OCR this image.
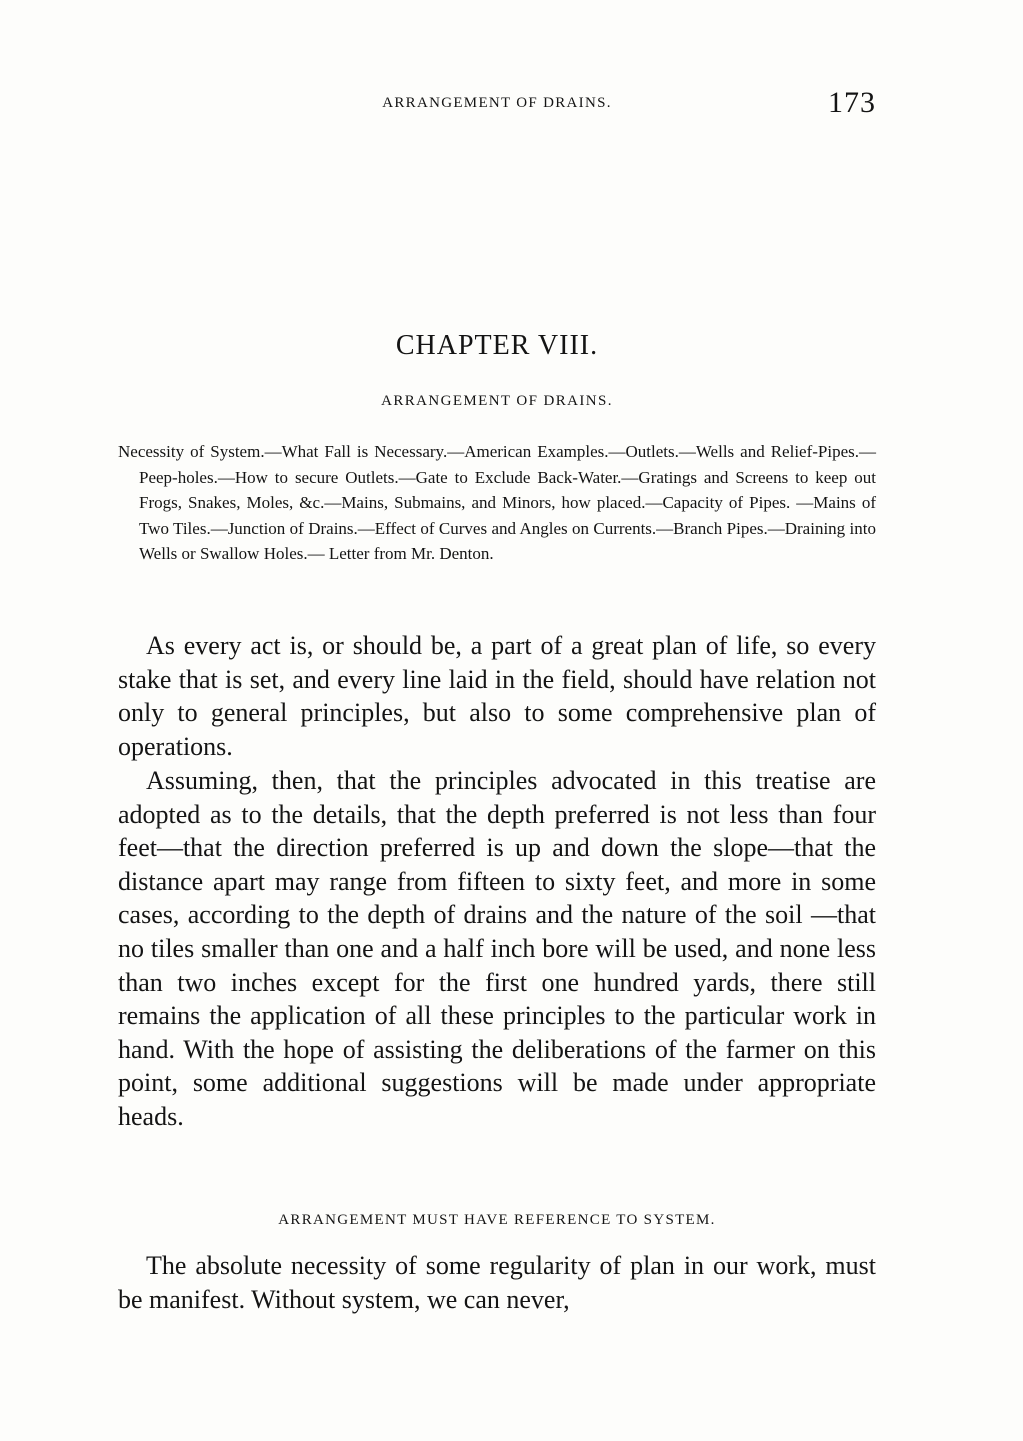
ARRANGEMENT OF DRAINS.	173
CHAPTER VIII.
ARRANGEMENT OF DRAINS.

Necessity of System.—What Fall is Necessary.—American Examples.—Outlets.—Wells and Relief-Pipes.—Peep-holes.—How to secure Outlets.—Gate to Exclude Back-Water.—Gratings and Screens to keep out Frogs, Snakes, Moles, &c.—Mains, Submains, and Minors, how placed.—Capacity of Pipes. —Mains of Two Tiles.—Junction of Drains.—Effect of Curves and Angles on Currents.—Branch Pipes.—Draining into Wells or Swallow Holes.— Letter from Mr. Denton.

As every act is, or should be, a part of a great plan of life, so every stake that is set, and every line laid in the field, should have relation not only to general principles, but also to some comprehensive plan of operations.

Assuming, then, that the principles advocated in this treatise are adopted as to the details, that the depth preferred is not less than four feet—that the direction preferred is up and down the slope—that the distance apart may range from fifteen to sixty feet, and more in some cases, according to the depth of drains and the nature of the soil —that no tiles smaller than one and a half inch bore will be used, and none less than two inches except for the first one hundred yards, there still remains the application of all these principles to the particular work in hand. With the hope of assisting the deliberations of the farmer on this point, some additional suggestions will be made under appropriate heads.

ARRANGEMENT MUST HAVE REFERENCE TO SYSTEM.

The absolute necessity of some regularity of plan in our work, must be manifest. Without system, we can never,
